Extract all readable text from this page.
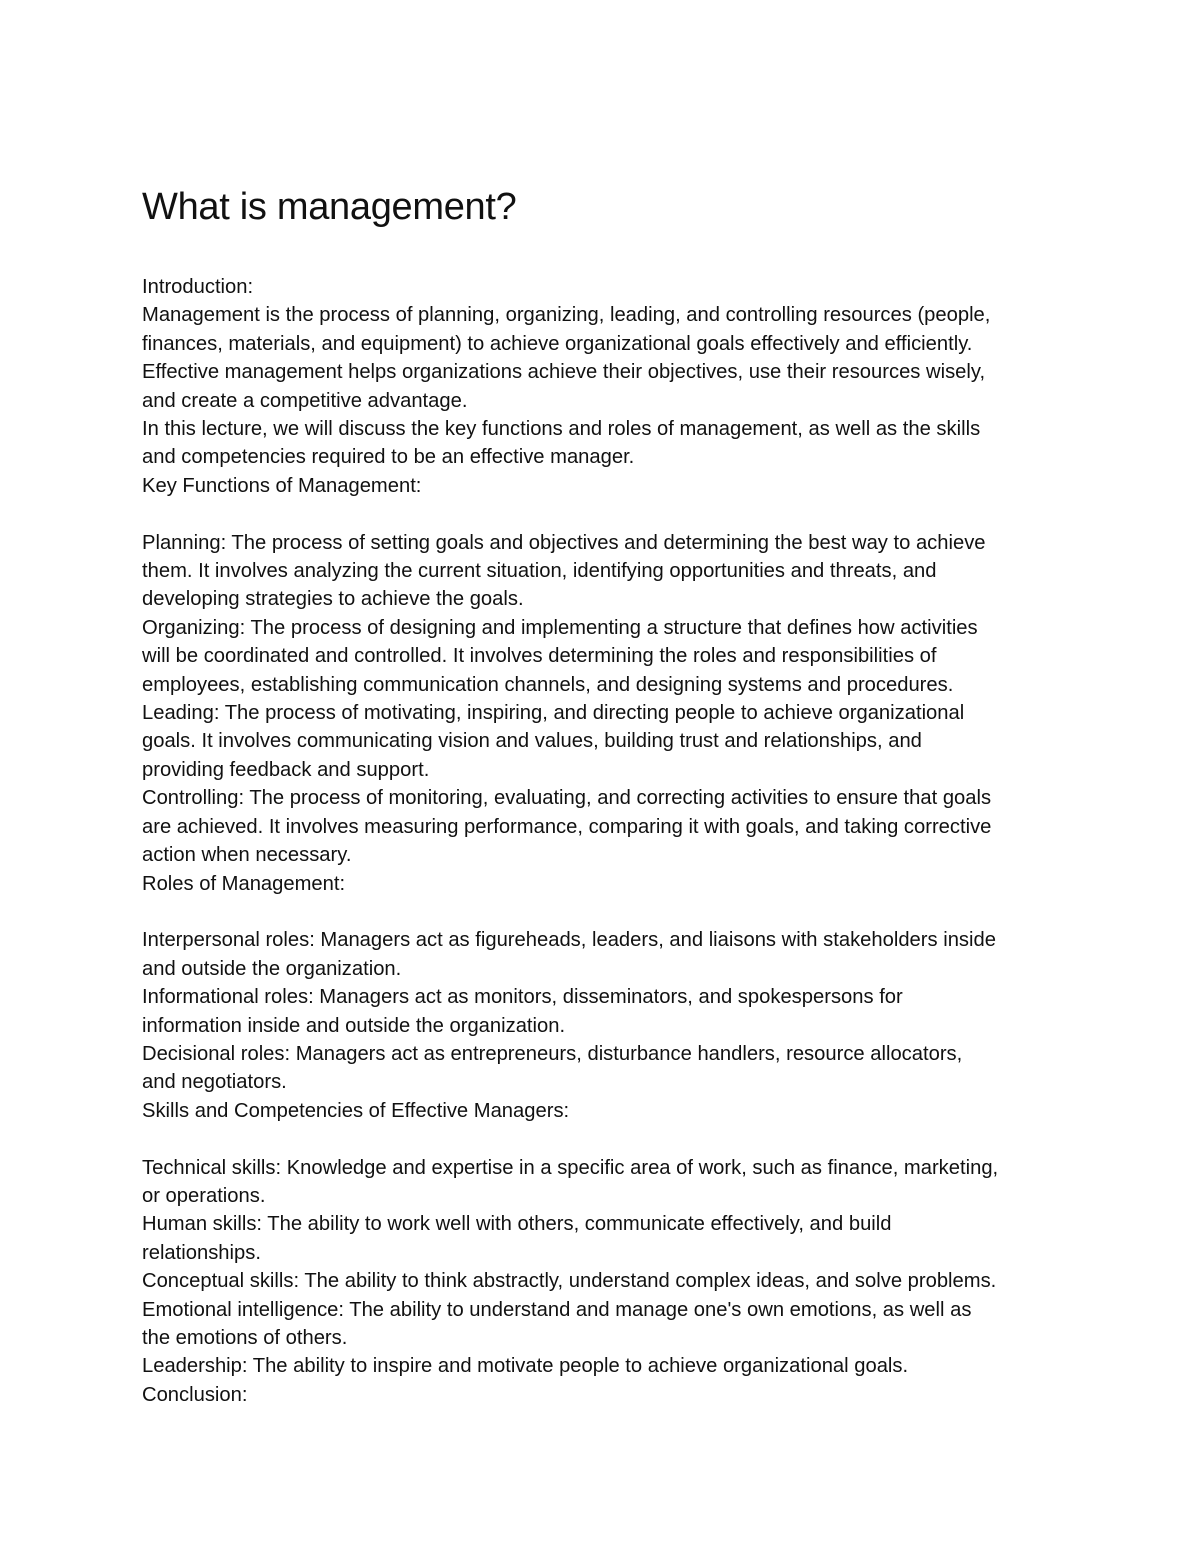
What is management?

Introduction:

Management is the process of planning, organizing, leading, and controlling resources (people,

finances, materials, and equipment) to achieve organizational goals effectively and efficiently.

Effective management helps organizations achieve their objectives, use their resources wisely,

and create a competitive advantage.

In this lecture, we will discuss the key functions and roles of management, as well as the skills

and competencies required to be an effective manager.

Key Functions of Management:

Planning: The process of setting goals and objectives and determining the best way to achieve

them. It involves analyzing the current situation, identifying opportunities and threats, and

developing strategies to achieve the goals.

Organizing: The process of designing and implementing a structure that defines how activities

will be coordinated and controlled. It involves determining the roles and responsibilities of

employees, establishing communication channels, and designing systems and procedures.

Leading: The process of motivating, inspiring, and directing people to achieve organizational

goals. It involves communicating vision and values, building trust and relationships, and

providing feedback and support.

Controlling: The process of monitoring, evaluating, and correcting activities to ensure that goals

are achieved. It involves measuring performance, comparing it with goals, and taking corrective

action when necessary.

Roles of Management:

Interpersonal roles: Managers act as figureheads, leaders, and liaisons with stakeholders inside

and outside the organization.

Informational roles: Managers act as monitors, disseminators, and spokespersons for

information inside and outside the organization.

Decisional roles: Managers act as entrepreneurs, disturbance handlers, resource allocators,

and negotiators.

Skills and Competencies of Effective Managers:

Technical skills: Knowledge and expertise in a specific area of work, such as finance, marketing,

or operations.

Human skills: The ability to work well with others, communicate effectively, and build

relationships.

Conceptual skills: The ability to think abstractly, understand complex ideas, and solve problems.

Emotional intelligence: The ability to understand and manage one's own emotions, as well as

the emotions of others.

Leadership: The ability to inspire and motivate people to achieve organizational goals.

Conclusion:
